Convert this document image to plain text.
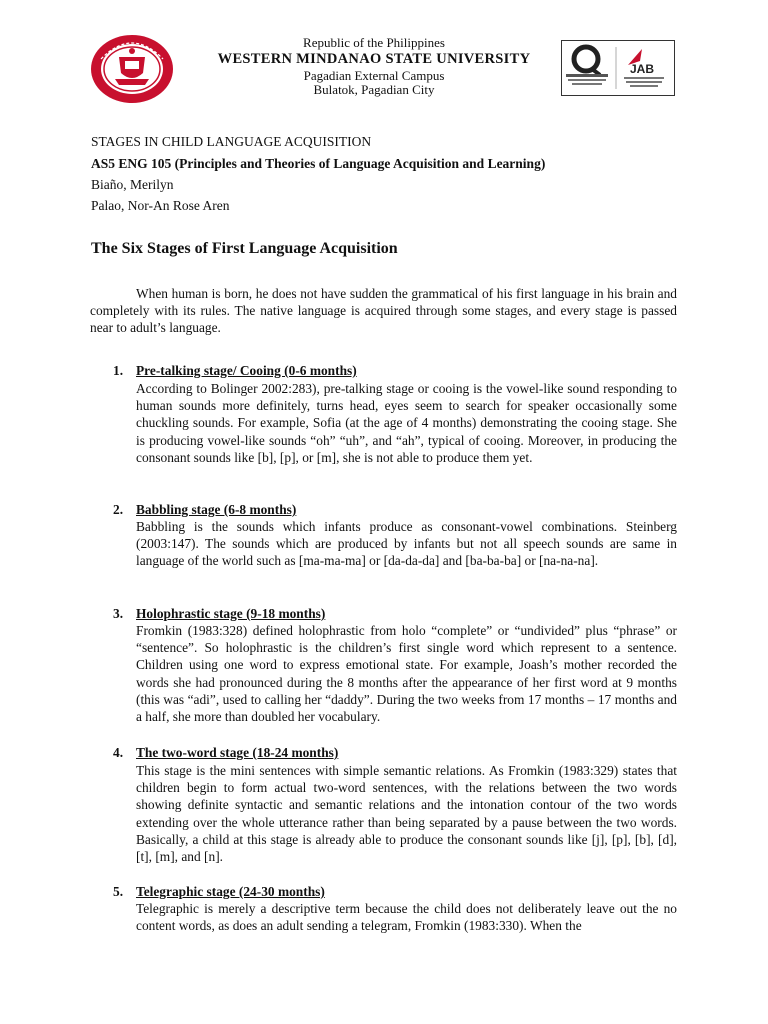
Republic of the Philippines
WESTERN MINDANAO STATE UNIVERSITY
Pagadian External Campus
Bulatok, Pagadian City
JAB
STAGES IN CHILD LANGUAGE ACQUISITION
AS5 ENG 105 (Principles and Theories of Language Acquisition and Learning)
Biaño, Merilyn
Palao, Nor-An Rose Aren
The Six Stages of First Language Acquisition
When human is born, he does not have sudden the grammatical of his first language in his brain and completely with its rules. The native language is acquired through some stages, and every stage is passed near to adult’s language.
1. Pre-talking stage/ Cooing (0-6 months)
According to Bolinger 2002:283), pre-talking stage or cooing is the vowel-like sound responding to human sounds more definitely, turns head, eyes seem to search for speaker occasionally some chuckling sounds. For example, Sofia (at the age of 4 months) demonstrating the cooing stage. She is producing vowel-like sounds “oh” “uh”, and “ah”, typical of cooing. Moreover, in producing the consonant sounds like [b], [p], or [m], she is not able to produce them yet.
2. Babbling stage (6-8 months)
Babbling is the sounds which infants produce as consonant-vowel combinations. Steinberg (2003:147). The sounds which are produced by infants but not all speech sounds are same in language of the world such as [ma-ma-ma] or [da-da-da] and [ba-ba-ba] or [na-na-na].
3. Holophrastic stage (9-18 months)
Fromkin (1983:328) defined holophrastic from holo “complete” or “undivided” plus “phrase” or “sentence”. So holophrastic is the children’s first single word which represent to a sentence. Children using one word to express emotional state. For example, Joash’s mother recorded the words she had pronounced during the 8 months after the appearance of her first word at 9 months (this was “adi”, used to calling her “daddy”. During the two weeks from 17 months – 17 months and a half, she more than doubled her vocabulary.
4. The two-word stage (18-24 months)
This stage is the mini sentences with simple semantic relations. As Fromkin (1983:329) states that children begin to form actual two-word sentences, with the relations between the two words showing definite syntactic and semantic relations and the intonation contour of the two words extending over the whole utterance rather than being separated by a pause between the two words. Basically, a child at this stage is already able to produce the consonant sounds like [j], [p], [b], [d], [t], [m], and [n].
5. Telegraphic stage (24-30 months)
Telegraphic is merely a descriptive term because the child does not deliberately leave out the no content words, as does an adult sending a telegram, Fromkin (1983:330). When the
